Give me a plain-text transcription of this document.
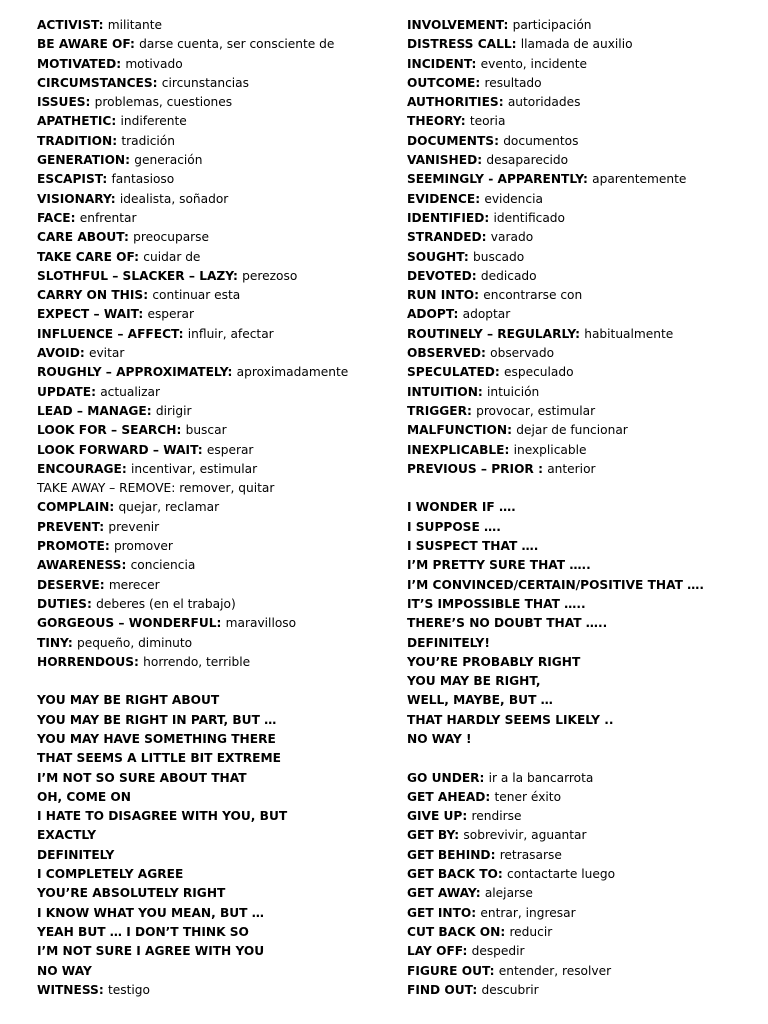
ACTIVIST: militante
BE AWARE OF: darse cuenta, ser consciente de
MOTIVATED: motivado
CIRCUMSTANCES: circunstancias
ISSUES: problemas, cuestiones
APATHETIC: indiferente
TRADITION: tradición
GENERATION: generación
ESCAPIST: fantasioso
VISIONARY: idealista, soñador
FACE: enfrentar
CARE ABOUT: preocuparse
TAKE CARE OF: cuidar de
SLOTHFUL – SLACKER – LAZY: perezoso
CARRY ON THIS: continuar esta
EXPECT – WAIT: esperar
INFLUENCE – AFFECT: influir, afectar
AVOID: evitar
ROUGHLY – APPROXIMATELY: aproximadamente
UPDATE: actualizar
LEAD – MANAGE: dirigir
LOOK FOR – SEARCH: buscar
LOOK FORWARD – WAIT: esperar
ENCOURAGE: incentivar, estimular
TAKE AWAY – REMOVE: remover, quitar
COMPLAIN: quejar, reclamar
PREVENT: prevenir
PROMOTE: promover
AWARENESS: conciencia
DESERVE: merecer
DUTIES: deberes (en el trabajo)
GORGEOUS – WONDERFUL: maravilloso
TINY: pequeño, diminuto
HORRENDOUS: horrendo, terrible
YOU MAY BE RIGHT ABOUT
YOU MAY BE RIGHT IN PART, BUT …
YOU MAY HAVE SOMETHING THERE
THAT SEEMS A LITTLE BIT EXTREME
I’M NOT SO SURE ABOUT THAT
OH, COME ON
I HATE TO DISAGREE WITH YOU, BUT
EXACTLY
DEFINITELY
I COMPLETELY AGREE
YOU’RE ABSOLUTELY RIGHT
I KNOW WHAT YOU MEAN, BUT …
YEAH BUT … I DON’T THINK SO
I’M NOT SURE I AGREE WITH YOU
NO WAY
WITNESS: testigo
INVOLVEMENT: participación
DISTRESS CALL: llamada de auxilio
INCIDENT: evento, incidente
OUTCOME: resultado
AUTHORITIES: autoridades
THEORY: teoria
DOCUMENTS: documentos
VANISHED: desaparecido
SEEMINGLY - APPARENTLY: aparentemente
EVIDENCE: evidencia
IDENTIFIED: identificado
STRANDED: varado
SOUGHT: buscado
DEVOTED: dedicado
RUN INTO: encontrarse con
ADOPT: adoptar
ROUTINELY – REGULARLY: habitualmente
OBSERVED: observado
SPECULATED: especulado
INTUITION: intuición
TRIGGER: provocar, estimular
MALFUNCTION: dejar de funcionar
INEXPLICABLE: inexplicable
PREVIOUS – PRIOR : anterior
I WONDER IF ….
I SUPPOSE ….
I SUSPECT THAT ….
I’M PRETTY SURE THAT …..
I’M CONVINCED/CERTAIN/POSITIVE THAT ….
IT’S IMPOSSIBLE THAT …..
THERE’S NO DOUBT THAT …..
DEFINITELY!
YOU’RE PROBABLY RIGHT
YOU MAY BE RIGHT,
WELL, MAYBE, BUT …
THAT HARDLY SEEMS LIKELY ..
NO WAY !
GO UNDER: ir a la bancarrota
GET AHEAD: tener éxito
GIVE UP: rendirse
GET BY: sobrevivir, aguantar
GET BEHIND: retrasarse
GET BACK TO: contactarte luego
GET AWAY: alejarse
GET INTO: entrar, ingresar
CUT BACK ON: reducir
LAY OFF: despedir
FIGURE OUT: entender, resolver
FIND OUT: descubrir
